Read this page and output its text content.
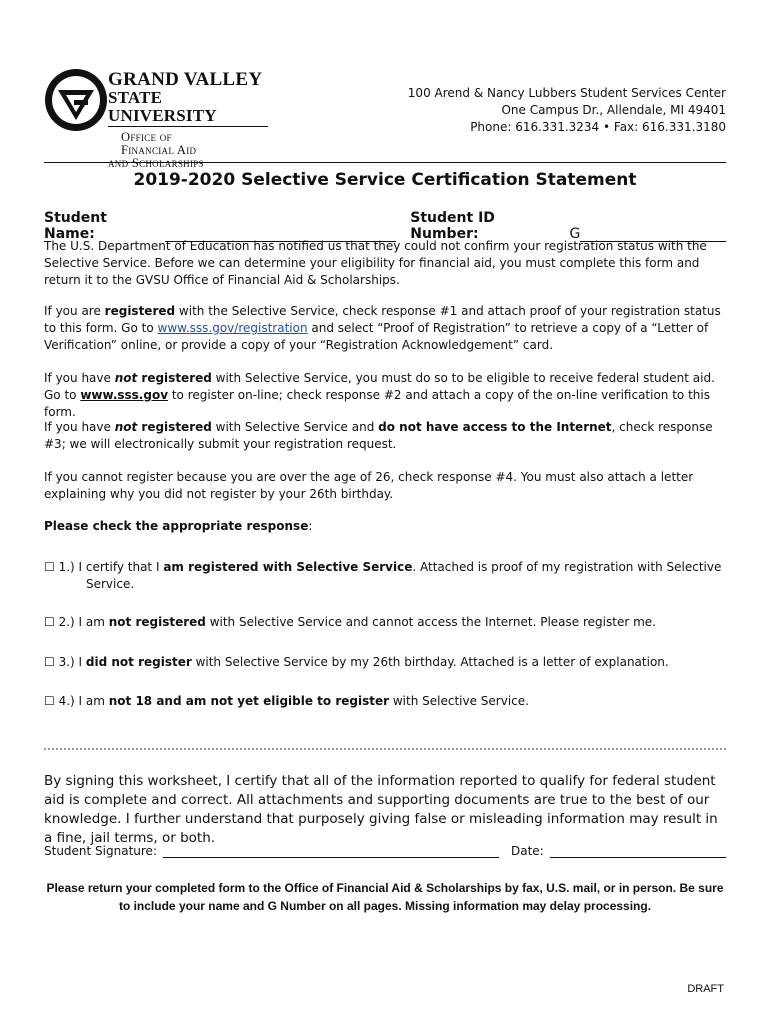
GRAND VALLEY
STATE UNIVERSITY
Office of
Financial Aid
and Scholarships
100 Arend & Nancy Lubbers Student Services Center
One Campus Dr., Allendale, MI 49401
Phone: 616.331.3234 • Fax: 616.331.3180
2019-2020 Selective Service Certification Statement
Student Name:
Student ID Number:	G

The U.S. Department of Education has notified us that they could not confirm your registration status with the Selective Service. Before we can determine your eligibility for financial aid, you must complete this form and return it to the GVSU Office of Financial Aid & Scholarships.

If you are registered with the Selective Service, check response #1 and attach proof of your registration status to this form. Go to www.sss.gov/registration and select “Proof of Registration” to retrieve a copy of a “Letter of Verification” online, or provide a copy of your “Registration Acknowledgement” card.

If you have not registered with Selective Service, you must do so to be eligible to receive federal student aid. Go to www.sss.gov to register on-line; check response #2 and attach a copy of the on-line verification to this form.

If you have not registered with Selective Service and do not have access to the Internet, check response #3; we will electronically submit your registration request.

If you cannot register because you are over the age of 26, check response #4. You must also attach a letter explaining why you did not register by your 26th birthday.

Please check the appropriate response:

☐ 1.) I certify that I am registered with Selective Service. Attached is proof of my registration with Selective
Service.
☐ 2.) I am not registered with Selective Service and cannot access the Internet. Please register me.
☐ 3.) I did not register with Selective Service by my 26th birthday. Attached is a letter of explanation.
☐ 4.) I am not 18 and am not yet eligible to register with Selective Service.
By signing this worksheet, I certify that all of the information reported to qualify for federal student aid is complete and correct. All attachments and supporting documents are true to the best of our knowledge. I further understand that purposely giving false or misleading information may result in a fine, jail terms, or both.
Student Signature:	Date:
Please return your completed form to the Office of Financial Aid & Scholarships by fax, U.S. mail, or in person. Be sure to include your name and G Number on all pages. Missing information may delay processing.
DRAFT
